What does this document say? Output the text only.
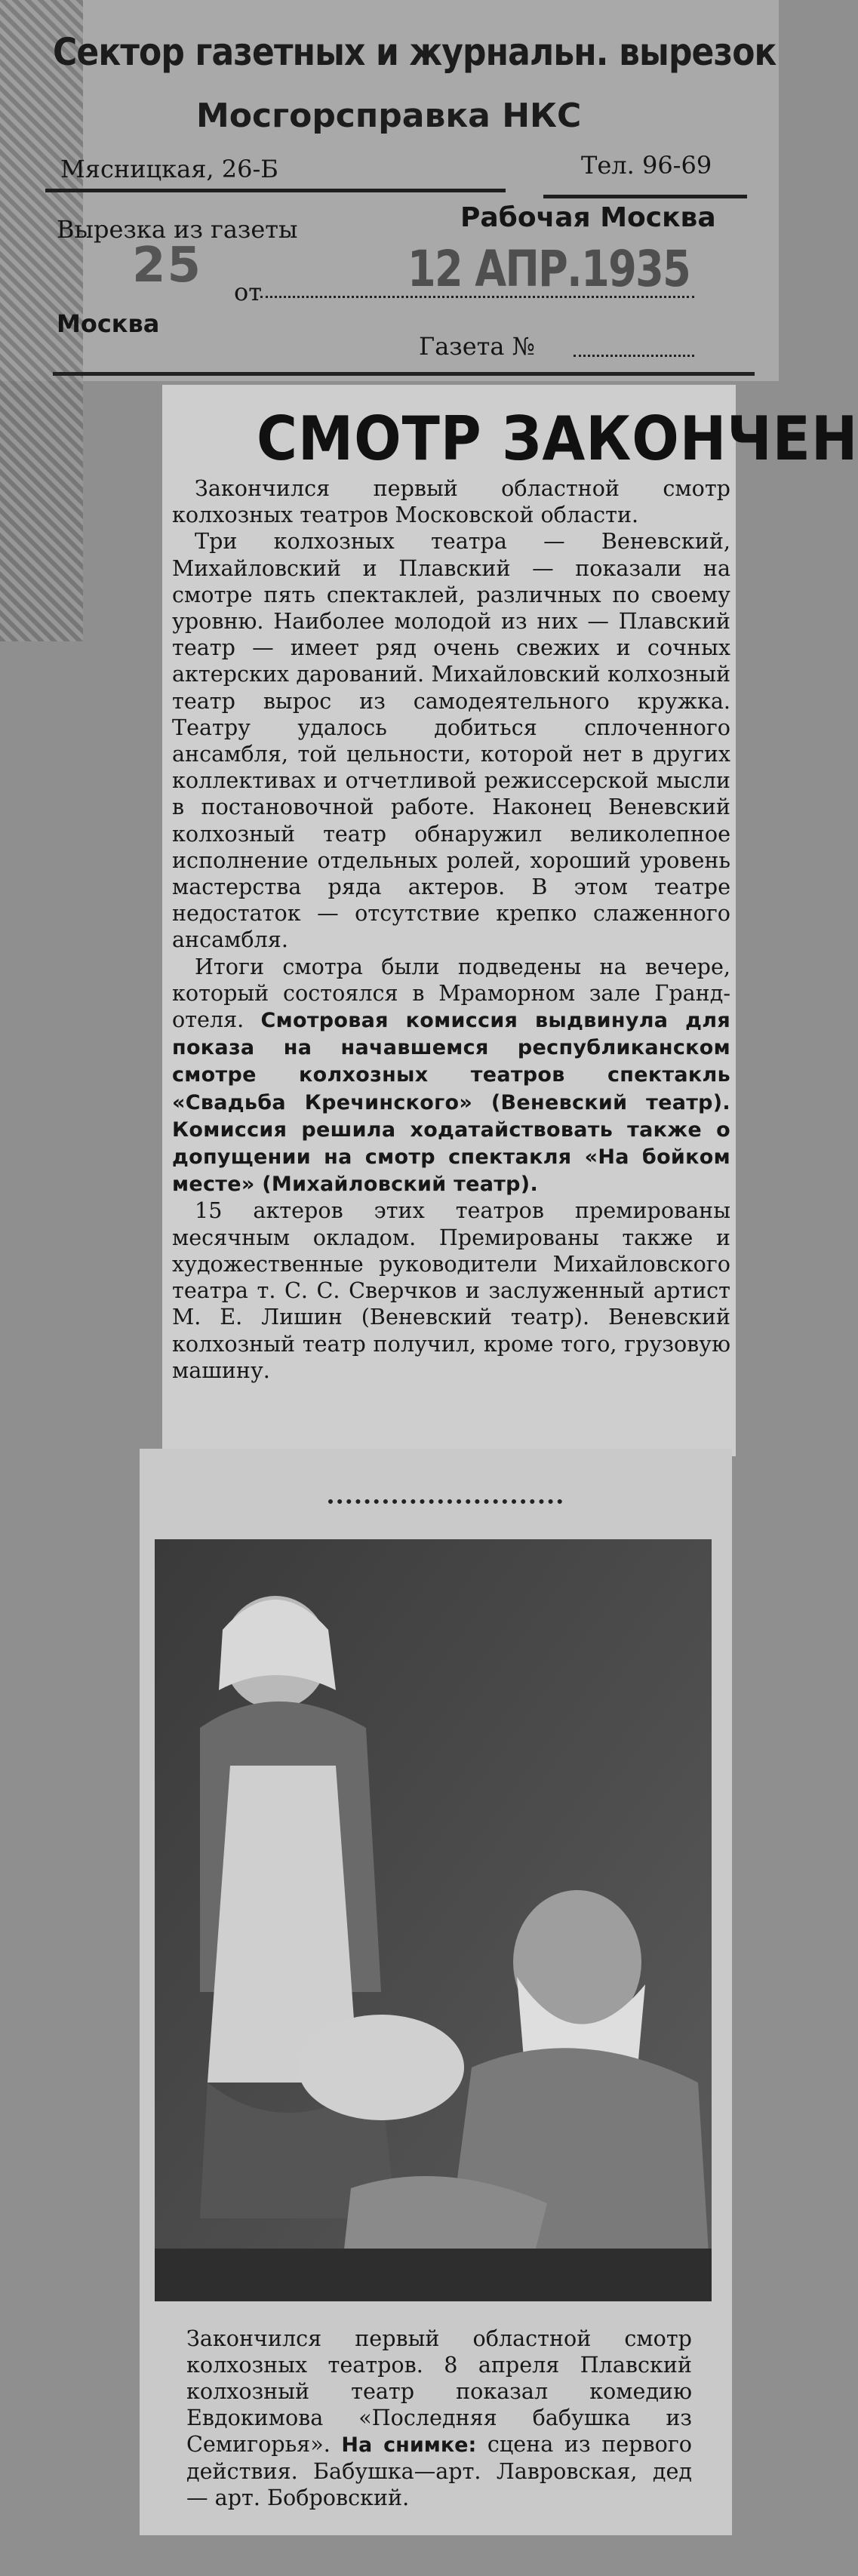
Сектор газетных и журнальн. вырезок
Мосгорсправка НКС
Мясницкая, 26-Б	Тел. 96-69
Вырезка из газеты	Рабочая Москва
25 от	12 АПР.1935
Москва
Газета №
СМОТР ЗАКОНЧЕН

Закончился первый областной смотр колхозных театров Московской области.

Три колхозных театра — Веневский, Михайловский и Плавский — показали на смотре пять спектаклей, различных по своему уровню. Наиболее молодой из них — Плавский театр — имеет ряд очень свежих и сочных актерских дарований. Михайловский колхозный театр вырос из самодеятельного кружка. Театру удалось добиться сплоченного ансамбля, той цельности, которой нет в других коллективах и отчетливой режиссерской мысли в постановочной работе. Наконец Веневский колхозный театр обнаружил великолепное исполнение отдельных ролей, хороший уровень мастерства ряда актеров. В этом театре недостаток — отсутствие крепко слаженного ансамбля.

Итоги смотра были подведены на вечере, который состоялся в Мраморном зале Гранд-отеля. Смотровая комиссия выдвинула для показа на начавшемся республиканском смотре колхозных театров спектакль «Свадьба Кречинского» (Веневский театр). Комиссия решила ходатайствовать также о допущении на смотр спектакля «На бойком месте» (Михайловский театр).

15 актеров этих театров премированы месячным окладом. Премированы также и художественные руководители Михайловского театра т. С. С. Сверчков и заслуженный артист М. Е. Лишин (Веневский театр). Веневский колхозный театр получил, кроме того, грузовую машину.

Закончился первый областной смотр колхозных театров. 8 апреля Плавский колхозный театр показал комедию Евдокимова «Последняя бабушка из Семигорья». На снимке: сцена из первого действия. Бабушка—арт. Лавровская, дед — арт. Бобровский.
